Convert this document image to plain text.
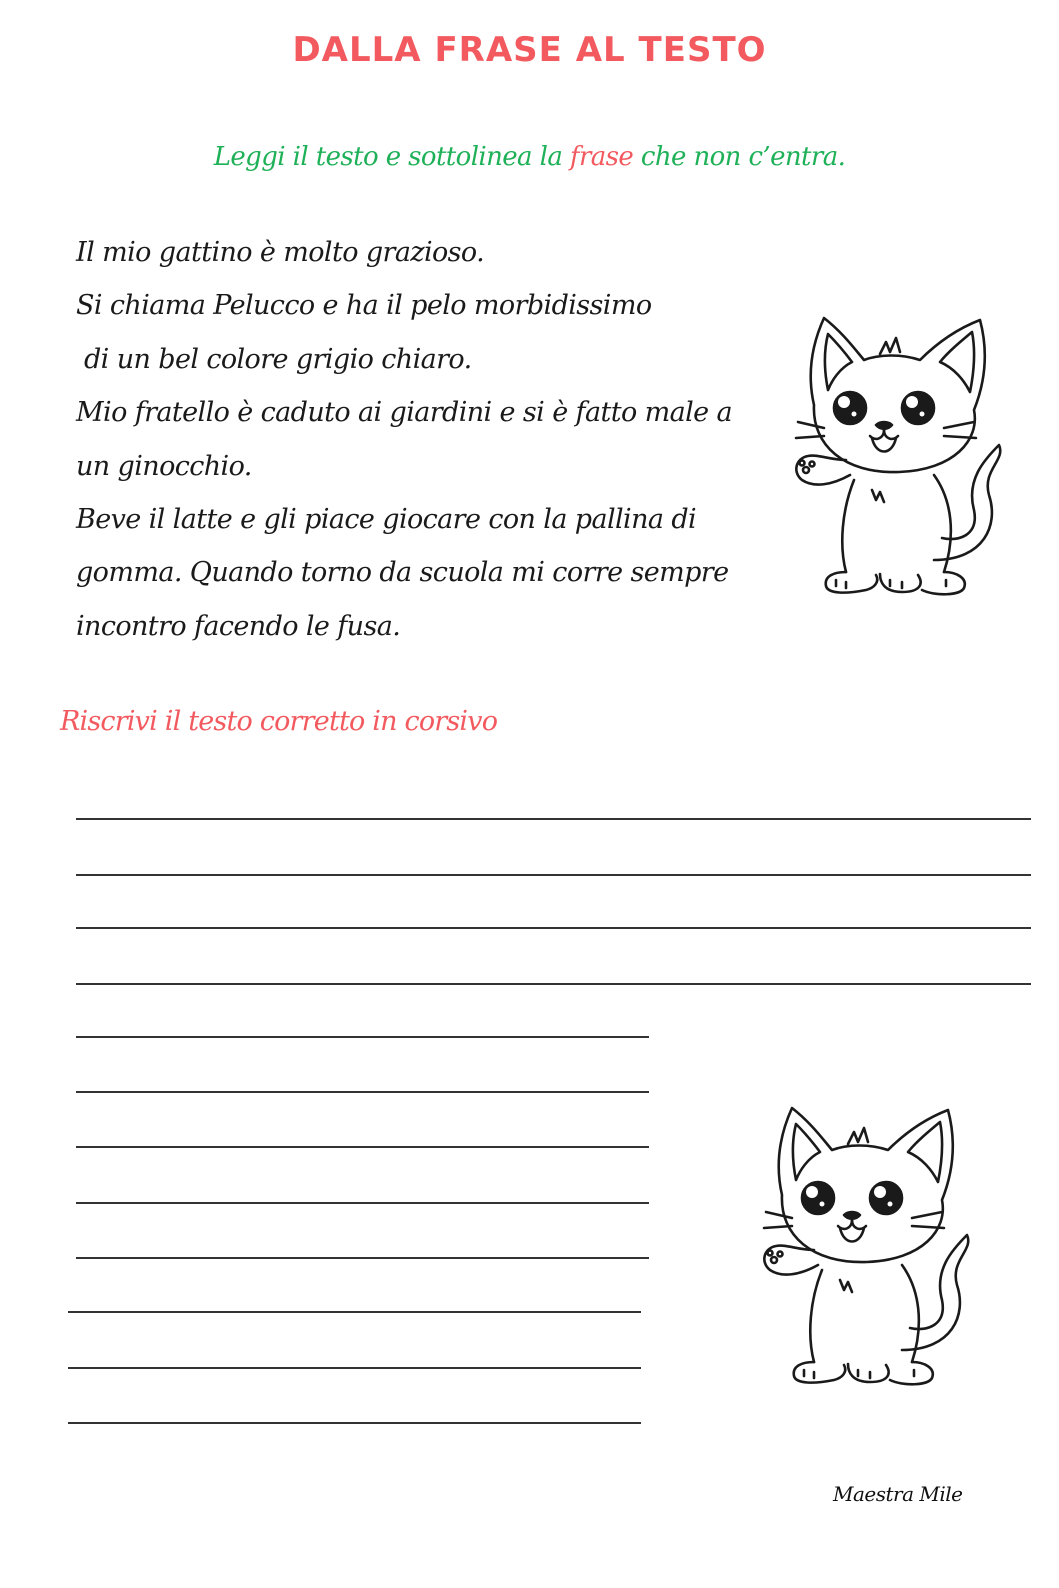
DALLA FRASE AL TESTO
Leggi il testo e sottolinea la frase che non c’entra.
Il mio gattino è molto grazioso.
Si chiama Pelucco e ha il pelo morbidissimo
di un bel colore grigio chiaro.
Mio fratello è caduto ai giardini e si è fatto male a
un ginocchio.
Beve il latte e gli piace giocare con la pallina di
gomma. Quando torno da scuola mi corre sempre
incontro facendo le fusa.
Riscrivi il testo corretto in corsivo
Maestra Mile
